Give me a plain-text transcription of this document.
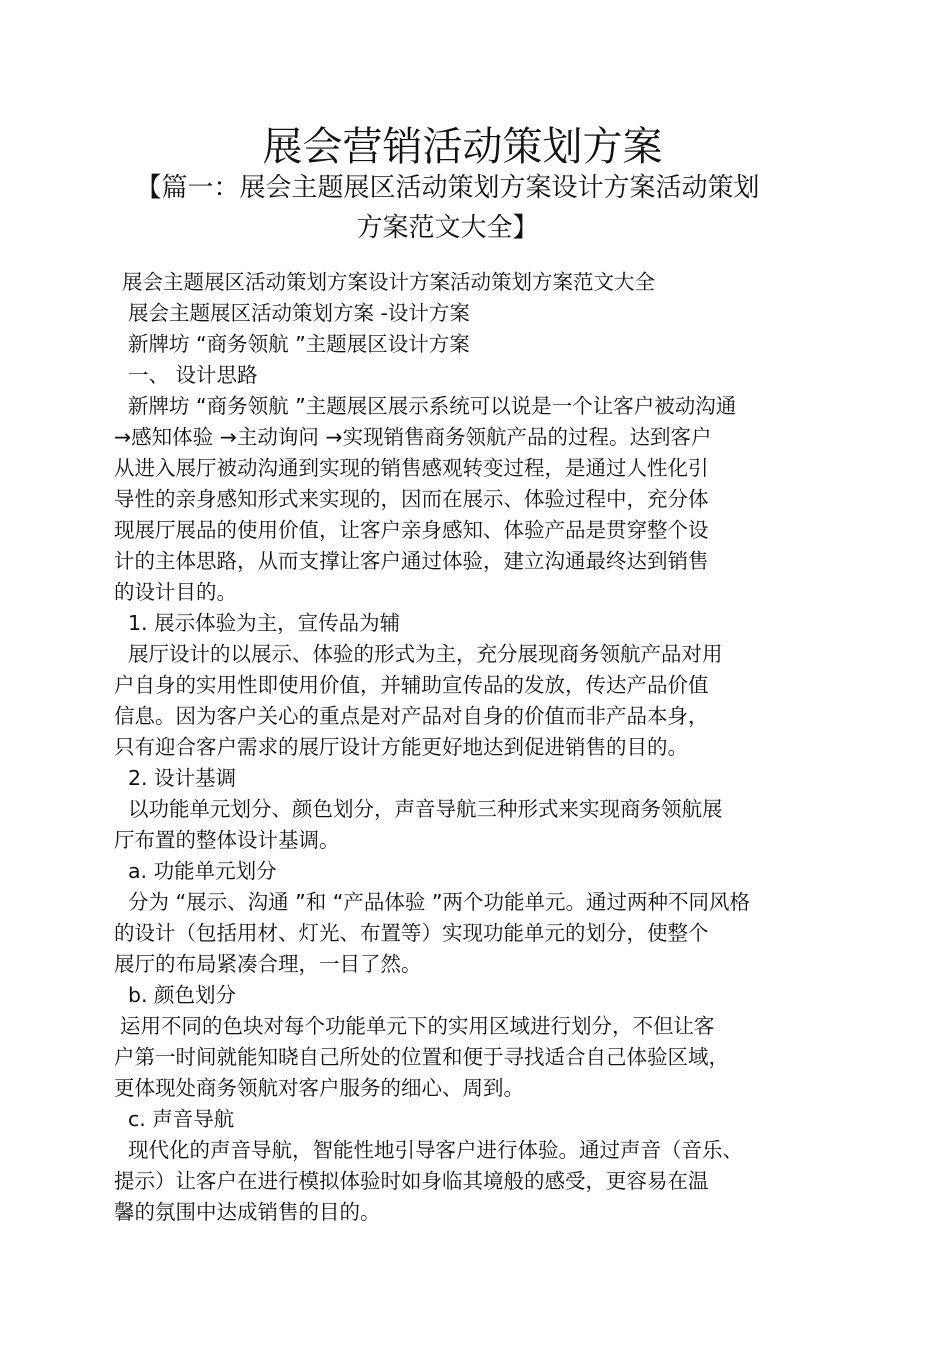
展会营销活动策划方案
【篇一：展会主题展区活动策划方案设计方案活动策划
方案范文大全】
展会主题展区活动策划方案设计方案活动策划方案范文大全
展会主题展区活动策划方案 -设计方案
新牌坊 “商务领航 ”主题展区设计方案
一、 设计思路
新牌坊 “商务领航 ”主题展区展示系统可以说是一个让客户被动沟通
→感知体验 →主动询问 →实现销售商务领航产品的过程。达到客户
从进入展厅被动沟通到实现的销售感观转变过程，是通过人性化引
导性的亲身感知形式来实现的，因而在展示、体验过程中，充分体
现展厅展品的使用价值，让客户亲身感知、体验产品是贯穿整个设
计的主体思路，从而支撑让客户通过体验，建立沟通最终达到销售
的设计目的。
1. 展示体验为主，宣传品为辅
展厅设计的以展示、体验的形式为主，充分展现商务领航产品对用
户自身的实用性即使用价值，并辅助宣传品的发放，传达产品价值
信息。因为客户关心的重点是对产品对自身的价值而非产品本身，
只有迎合客户需求的展厅设计方能更好地达到促进销售的目的。
2. 设计基调
以功能单元划分、颜色划分，声音导航三种形式来实现商务领航展
厅布置的整体设计基调。
a. 功能单元划分
分为 “展示、沟通 ”和 “产品体验 ”两个功能单元。通过两种不同风格
的设计（包括用材、灯光、布置等）实现功能单元的划分，使整个
展厅的布局紧凑合理，一目了然。
b. 颜色划分
运用不同的色块对每个功能单元下的实用区域进行划分，不但让客
户第一时间就能知晓自己所处的位置和便于寻找适合自己体验区域，
更体现处商务领航对客户服务的细心、周到。
c. 声音导航
现代化的声音导航，智能性地引导客户进行体验。通过声音（音乐、
提示）让客户在进行模拟体验时如身临其境般的感受，更容易在温
馨的氛围中达成销售的目的。
